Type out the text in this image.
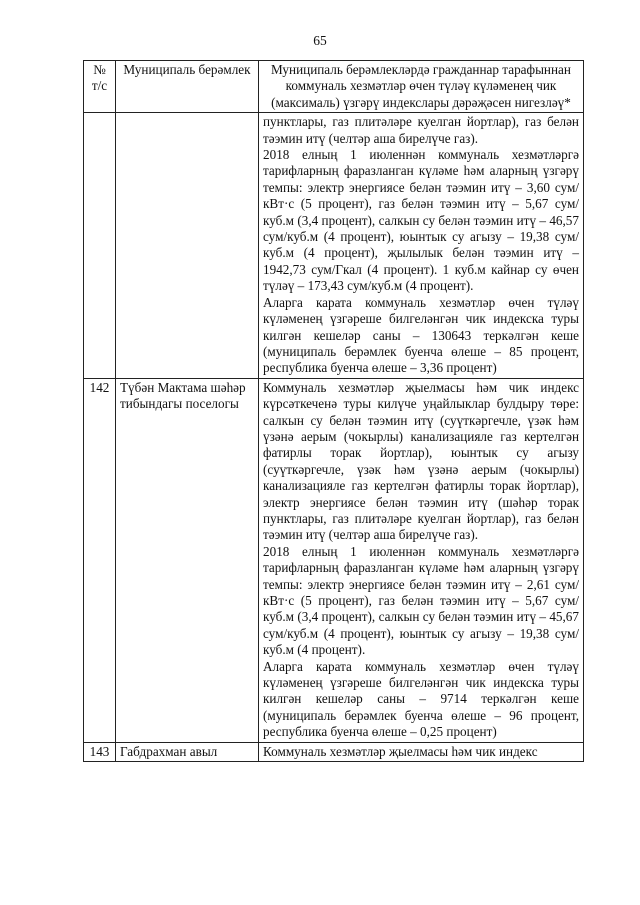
65
№ т/с	Муниципаль берәмлек	Муниципаль берәмлекләрдә гражданнар тарафыннан коммуналь хезмәтләр өчен түләү күләменең чик (максималь) үзгәрү индекслары дәрәҗәсен нигезләү*

		пунктлары, газ плитәләре куелган йортлар), газ белән тәэмин итү (челтәр аша бирелүче газ).

2018 елның 1 июленнән коммуналь хезмәтләргә тарифларның фаразланган күләме һәм аларның үзгәрү темпы: электр энергиясе белән тәэмин итү – 3,60 сум/кВт·с (5 процент), газ белән тәэмин итү – 5,67 сум/куб.м (3,4 процент), салкын су белән тәэмин итү – 46,57 сум/куб.м (4 процент), юынтык су агызу – 19,38 сум/куб.м (4 процент), җылылык белән тәэмин итү – 1942,73 сум/Гкал (4 процент). 1 куб.м кайнар су өчен түләү – 173,43 сум/куб.м (4 процент).

Аларга карата коммуналь хезмәтләр өчен түләү күләменең үзгәреше билгеләнгән чик индекска туры килгән кешеләр саны – 130643 теркәлгән кеше (муниципаль берәмлек буенча өлеше – 85 процент, республика буенча өлеше – 3,36 процент)

142	Түбән Мактама шәһәр тибындагы поселогы	Коммуналь хезмәтләр җыелмасы һәм чик индекс күрсәткеченә туры килүче уңайлыклар булдыру төре: салкын су белән тәэмин итү (суүткәргечле, үзәк һәм үзәнә аерым (чокырлы) канализацияле газ кертелгән фатирлы торак йортлар), юынтык су агызу (суүткәргечле, үзәк һәм үзәнә аерым (чокырлы) канализацияле газ кертелгән фатирлы торак йортлар), электр энергиясе белән тәэмин итү (шәһәр торак пунктлары, газ плитәләре куелган йортлар), газ белән тәэмин итү (челтәр аша бирелүче газ).

2018 елның 1 июленнән коммуналь хезмәтләргә тарифларның фаразланган күләме һәм аларның үзгәрү темпы: электр энергиясе белән тәэмин итү – 2,61 сум/кВт·с (5 процент), газ белән тәэмин итү – 5,67 сум/куб.м (3,4 процент), салкын су белән тәэмин итү – 45,67 сум/куб.м (4 процент), юынтык су агызу – 19,38 сум/куб.м (4 процент).

Аларга карата коммуналь хезмәтләр өчен түләү күләменең үзгәреше билгеләнгән чик индекска туры килгән кешеләр саны – 9714 теркәлгән кеше (муниципаль берәмлек буенча өлеше – 96 процент, республика буенча өлеше – 0,25 процент)

143	Габдрахман авыл	Коммуналь хезмәтләр җыелмасы һәм чик индекс
